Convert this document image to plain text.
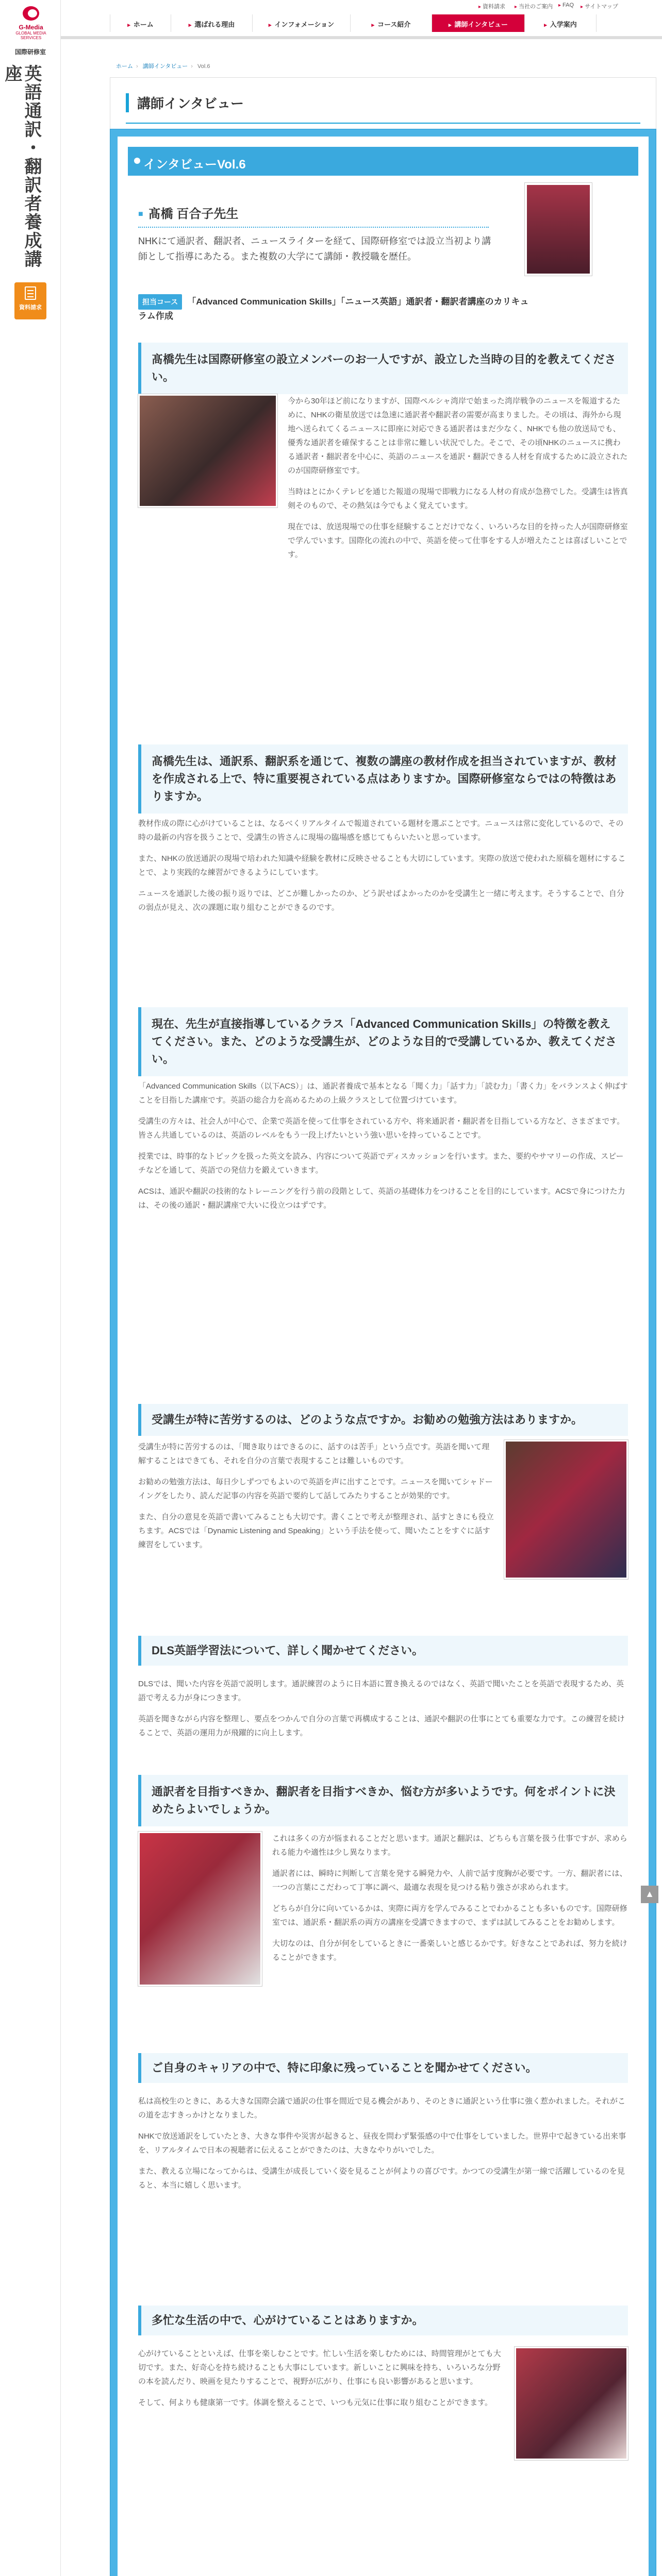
G-Media
GLOBAL MEDIA SERVICES
国際研修室
英語通訳・翻訳者養成講座
資料請求
▸ 資料請求	▸ 当社のご案内	▸ FAQ	▸ サイトマップ
▸ ホーム	▸ 選ばれる理由	▸ インフォメーション	▸ コース紹介	▸ 講師インタビュー	▸ 入学案内
ホーム › 講師インタビュー › Vol.6
講師インタビュー
インタビューVol.6
■ 髙橋 百合子先生
NHKにて通訳者、翻訳者、ニュースライターを経て、国際研修室では設立当初より講師として指導にあたる。また複数の大学にて講師・教授職を歴任。
担当コース 「Advanced Communication Skills」「ニュース英語」通訳者・翻訳者講座のカリキュラム作成
髙橋先生は国際研修室の設立メンバーのお一人ですが、設立した当時の目的を教えてください。

今から30年ほど前になりますが、国際ペルシャ湾岸で始まった湾岸戦争のニュースを報道するために、NHKの衛星放送では急速に通訳者や翻訳者の需要が高まりました。その頃は、海外から現地へ送られてくるニュースに即座に対応できる通訳者はまだ少なく、NHKでも他の放送局でも、優秀な通訳者を確保することは非常に難しい状況でした。そこで、その頃NHKのニュースに携わる通訳者・翻訳者を中心に、英語のニュースを通訳・翻訳できる人材を育成するために設立されたのが国際研修室です。

当時はとにかくテレビを通じた報道の現場で即戦力になる人材の育成が急務でした。受講生は皆真剣そのもので、その熱気は今でもよく覚えています。

現在では、放送現場での仕事を経験することだけでなく、いろいろな目的を持った人が国際研修室で学んでいます。国際化の流れの中で、英語を使って仕事をする人が増えたことは喜ばしいことです。

髙橋先生は、通訳系、翻訳系を通じて、複数の講座の教材作成を担当されていますが、教材を作成される上で、特に重要視されている点はありますか。国際研修室ならではの特徴はありますか。

教材作成の際に心がけていることは、なるべくリアルタイムで報道されている題材を選ぶことです。ニュースは常に変化しているので、その時の最新の内容を扱うことで、受講生の皆さんに現場の臨場感を感じてもらいたいと思っています。

また、NHKの放送通訳の現場で培われた知識や経験を教材に反映させることも大切にしています。実際の放送で使われた原稿を題材にすることで、より実践的な練習ができるようにしています。

ニュースを通訳した後の振り返りでは、どこが難しかったのか、どう訳せばよかったのかを受講生と一緒に考えます。そうすることで、自分の弱点が見え、次の課題に取り組むことができるのです。

現在、先生が直接指導しているクラス「Advanced Communication Skills」の特徴を教えてください。また、どのような受講生が、どのような目的で受講しているか、教えてください。

「Advanced Communication Skills（以下ACS）」は、通訳者養成で基本となる「聞く力」「話す力」「読む力」「書く力」をバランスよく伸ばすことを目指した講座です。英語の総合力を高めるための上級クラスとして位置づけています。

受講生の方々は、社会人が中心で、企業で英語を使って仕事をされている方や、将来通訳者・翻訳者を目指している方など、さまざまです。皆さん共通しているのは、英語のレベルをもう一段上げたいという強い思いを持っていることです。

授業では、時事的なトピックを扱った英文を読み、内容について英語でディスカッションを行います。また、要約やサマリーの作成、スピーチなどを通して、英語での発信力を鍛えていきます。

ACSは、通訳や翻訳の技術的なトレーニングを行う前の段階として、英語の基礎体力をつけることを目的にしています。ACSで身につけた力は、その後の通訳・翻訳講座で大いに役立つはずです。

受講生が特に苦労するのは、どのような点ですか。お勧めの勉強方法はありますか。

受講生が特に苦労するのは、「聞き取りはできるのに、話すのは苦手」という点です。英語を聞いて理解することはできても、それを自分の言葉で表現することは難しいものです。

お勧めの勉強方法は、毎日少しずつでもよいので英語を声に出すことです。ニュースを聞いてシャドーイングをしたり、読んだ記事の内容を英語で要約して話してみたりすることが効果的です。

また、自分の意見を英語で書いてみることも大切です。書くことで考えが整理され、話すときにも役立ちます。ACSでは「Dynamic Listening and Speaking」という手法を使って、聞いたことをすぐに話す練習をしています。

DLS英語学習法について、詳しく聞かせてください。

DLSでは、聞いた内容を英語で説明します。通訳練習のように日本語に置き換えるのではなく、英語で聞いたことを英語で表現するため、英語で考える力が身につきます。

英語を聞きながら内容を整理し、要点をつかんで自分の言葉で再構成することは、通訳や翻訳の仕事にとても重要な力です。この練習を続けることで、英語の運用力が飛躍的に向上します。

通訳者を目指すべきか、翻訳者を目指すべきか、悩む方が多いようです。何をポイントに決めたらよいでしょうか。

これは多くの方が悩まれることだと思います。通訳と翻訳は、どちらも言葉を扱う仕事ですが、求められる能力や適性は少し異なります。

通訳者には、瞬時に判断して言葉を発する瞬発力や、人前で話す度胸が必要です。一方、翻訳者には、一つの言葉にこだわって丁寧に調べ、最適な表現を見つける粘り強さが求められます。

どちらが自分に向いているかは、実際に両方を学んでみることでわかることも多いものです。国際研修室では、通訳系・翻訳系の両方の講座を受講できますので、まずは試してみることをお勧めします。

大切なのは、自分が何をしているときに一番楽しいと感じるかです。好きなことであれば、努力を続けることができます。

ご自身のキャリアの中で、特に印象に残っていることを聞かせてください。

私は高校生のときに、ある大きな国際会議で通訳の仕事を間近で見る機会があり、そのときに通訳という仕事に強く惹かれました。それがこの道を志すきっかけとなりました。

NHKで放送通訳をしていたとき、大きな事件や災害が起きると、昼夜を問わず緊張感の中で仕事をしていました。世界中で起きている出来事を、リアルタイムで日本の視聴者に伝えることができたのは、大きなやりがいでした。

また、教える立場になってからは、受講生が成長していく姿を見ることが何よりの喜びです。かつての受講生が第一線で活躍しているのを見ると、本当に嬉しく思います。

多忙な生活の中で、心がけていることはありますか。

心がけていることといえば、仕事を楽しむことです。忙しい生活を楽しむためには、時間管理がとても大切です。また、好奇心を持ち続けることも大事にしています。新しいことに興味を持ち、いろいろな分野の本を読んだり、映画を見たりすることで、視野が広がり、仕事にも良い影響があると思います。

そして、何よりも健康第一です。体調を整えることで、いつも元気に仕事に取り組むことができます。

▲
